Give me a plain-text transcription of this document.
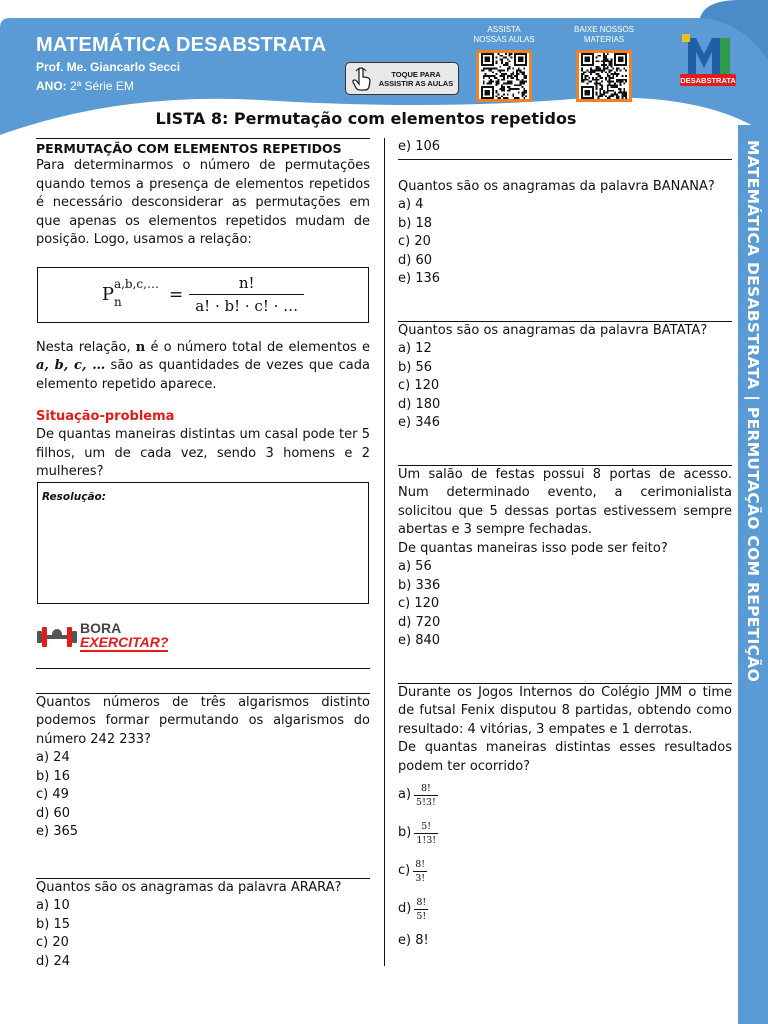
MATEMÁTICA DESABSTRATA
Prof. Me. Giancarlo Secci
ANO: 2ª Série EM
TOQUE PARA
ASSISTIR AS AULAS
ASSISTA
NOSSAS AULAS
BAIXE NOSSOS
MATERIAS
DESABSTRATA
LISTA 8: Permutação com elementos repetidos
MATEMÁTICA DESABSTRATA | PERMUTAÇÃO COM REPETIÇÃO
PERMUTAÇÃO COM ELEMENTOS REPETIDOS
Para determinarmos o número de permutações quando temos a presença de elementos repetidos é necessário desconsiderar as permutações em que apenas os elementos repetidos mudam de posição. Logo, usamos a relação:
P
a,b,c,…
n	= $\frac{n!}{a! \cdot b! \cdot c! \cdot \dots}$
Nesta relação, n é o número total de elementos e a, b, c, … são as quantidades de vezes que cada elemento repetido aparece.
Situação-problema
De quantas maneiras distintas um casal pode ter 5 filhos, um de cada vez, sendo 3 homens e 2 mulheres?
Resolução:
BORA
EXERCITAR?
Quantos números de três algarismos distinto podemos formar permutando os algarismos do número 242 233?
a) 24
b) 16
c) 49
d) 60
e) 365
Quantos são os anagramas da palavra ARARA?
a) 10
b) 15
c) 20
d) 24
e) 106
Quantos são os anagramas da palavra BANANA?
a) 4
b) 18
c) 20
d) 60
e) 136
Quantos são os anagramas da palavra BATATA?
a) 12
b) 56
c) 120
d) 180
e) 346
Um salão de festas possui 8 portas de acesso. Num determinado evento, a cerimonialista solicitou que 5 dessas portas estivessem sempre abertas e 3 sempre fechadas.
De quantas maneiras isso pode ser feito?
a) 56
b) 336
c) 120
d) 720
e) 840
Durante os Jogos Internos do Colégio JMM o time de futsal Fenix disputou 8 partidas, obtendo como resultado: 4 vitórias, 3 empates e 1 derrotas.
De quantas maneiras distintas esses resultados podem ter ocorrido?
$a) \frac{8!}{5!3!}$
$b) \frac{5!}{1!3!}$
$c) \frac{8!}{3!}$
$d) \frac{8!}{5!}$
e) 8!
